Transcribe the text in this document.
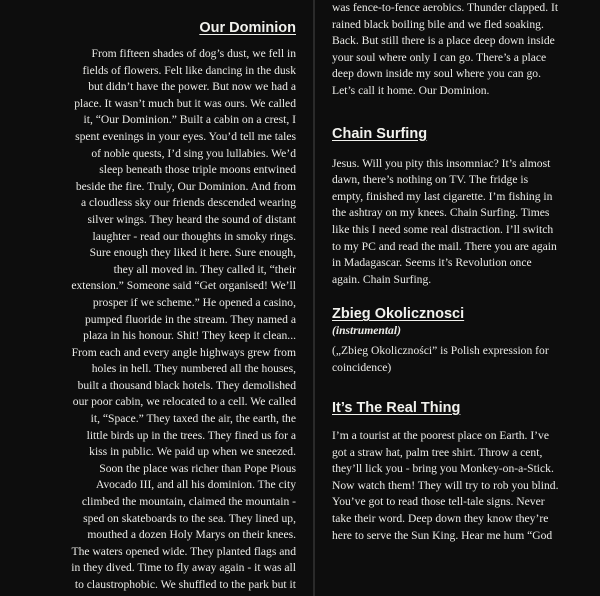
Our Dominion

From fifteen shades of dog’s dust, we fell in

fields of flowers. Felt like dancing in the dusk

but didn’t have the power. But now we had a

place. It wasn’t much but it was ours. We called

it, “Our Dominion.” Built a cabin on a crest, I

spent evenings in your eyes. You’d tell me tales

of noble quests, I’d sing you lullabies. We’d

sleep beneath those triple moons entwined

beside the fire. Truly, Our Dominion. And from

a cloudless sky our friends descended wearing

silver wings. They heard the sound of distant

laughter - read our thoughts in smoky rings.

Sure enough they liked it here. Sure enough,

they all moved in. They called it, “their

extension.” Someone said “Get organised! We’ll

prosper if we scheme.” He opened a casino,

pumped fluoride in the stream. They named a

plaza in his honour. Shit! They keep it clean...

From each and every angle highways grew from

holes in hell. They numbered all the houses,

built a thousand black hotels. They demolished

our poor cabin, we relocated to a cell. We called

it, “Space.” They taxed the air, the earth, the

little birds up in the trees. They fined us for a

kiss in public. We paid up when we sneezed.

Soon the place was richer than Pope Pious

Avocado III, and all his dominion. The city

climbed the mountain, claimed the mountain -

sped on skateboards to the sea. They lined up,

mouthed a dozen Holy Marys on their knees.

The waters opened wide. They planted flags and

in they dived. Time to fly away again - it was all

to claustrophobic. We shuffled to the park but it

was fence-to-fence aerobics. Thunder clapped. It

rained black boiling bile and we fled soaking.

Back. But still there is a place deep down inside

your soul where only I can go. There’s a place

deep down inside my soul where you can go.

Let’s call it home. Our Dominion.

Chain Surfing

Jesus. Will you pity this insomniac? It’s almost

dawn, there’s nothing on TV. The fridge is

empty, finished my last cigarette. I’m fishing in

the ashtray on my knees. Chain Surfing. Times

like this I need some real distraction. I’ll switch

to my PC and read the mail. There you are again

in Madagascar. Seems it’s Revolution once

again. Chain Surfing.

Zbieg Okolicznosci

(instrumental)

(„Zbieg Okoliczności” is Polish expression for

coincidence)

It’s The Real Thing

I’m a tourist at the poorest place on Earth. I’ve

got a straw hat, palm tree shirt. Throw a cent,

they’ll lick you - bring you Monkey-on-a-Stick.

Now watch them! They will try to rob you blind.

You’ve got to read those tell-tale signs. Never

take their word. Deep down they know they’re

here to serve the Sun King. Hear me hum “God
